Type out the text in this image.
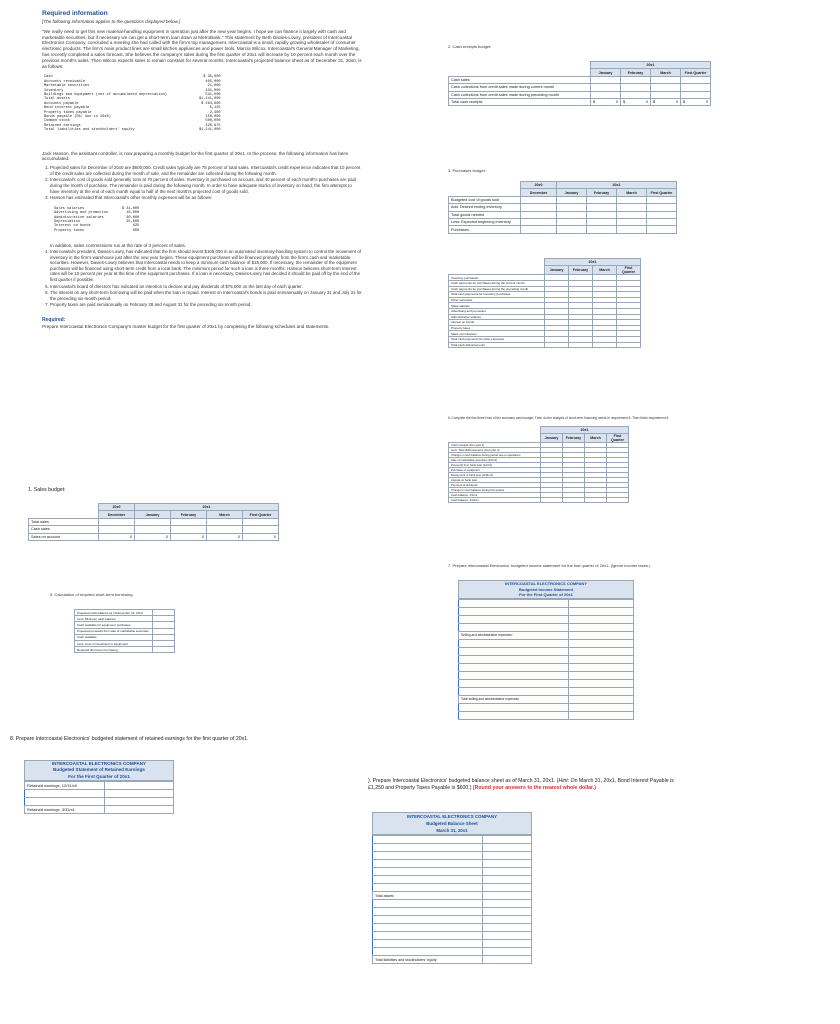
Required information
[The following information applies to the questions displayed below.]
"We really need to get this new material-handling equipment in operation just after the new year begins. I hope we can finance it largely with cash and marketable securities, but if necessary we can get a short-term loan down at MetroBank." This statement by Beth Davies-Lowry, president of Intercoastal Electronics Company, concluded a meeting she had called with the firm's top management. Intercoastal is a small, rapidly growing wholesaler of consumer electronic products. The firm's main product lines are small kitchen appliances and power tools. Marcia Wilcox, Intercoastal's General Manager of Marketing, has recently completed a sales forecast. She believes the company's sales during the first quarter of 20x1 will increase by 10 percent each month over the previous month's sales. Then Wilcox expects sales to remain constant for several months. Intercoastal's projected balance sheet as of December 31, 20x0, is as follows:
Cash	$ 35,000
Accounts receivable	405,000
Marketable securities	21,000
Inventory	231,000
Buildings and equipment (net of accumulated depreciation)	541,000
Total assets	$1,241,000
Accounts payable	$ 264,600
Bond interest payable	5,125
Property taxes payable	2,400
Bonds payable (5%; due in 20x6)	150,000
Common stock	500,000
Retained earnings	320,875
Total liabilities and stockholders' equity	$1,241,000
Jack Hanson, the assistant controller, is now preparing a monthly budget for the first quarter of 20x1. In the process, the following information has been accumulated:
1. Projected sales for December of 20x0 are $600,000. Credit sales typically are 75 percent of total sales. Intercoastal's credit experience indicates that 10 percent of the credit sales are collected during the month of sale, and the remainder are collected during the following month.
2. Intercoastal's cost of goods sold generally runs at 70 percent of sales. Inventory is purchased on account, and 40 percent of each month's purchases are paid during the month of purchase. The remainder is paid during the following month. In order to have adequate stocks of inventory on hand, the firm attempts to have inventory at the end of each month equal to half of the next month's projected cost of goods sold.
3. Hanson has estimated that Intercoastal's other monthly expenses will be as follows:
Sales salaries	$ 31,000
Advertising and promotion	16,000
Administrative salaries	30,000
Depreciation	25,000
Interest on bonds	625
Property taxes	600
In addition, sales commissions run at the rate of 3 percent of sales.
4. Intercoastal's president, Davies-Lowry, has indicated that the firm should invest $105,000 in an automated inventory-handling system to control the movement of inventory in the firm's warehouse just after the new year begins. These equipment purchases will be financed primarily from the firm's cash and marketable securities. However, Davies-Lowry believes that Intercoastal needs to keep a minimum cash balance of $15,000. If necessary, the remainder of the equipment purchases will be financed using short-term credit from a local bank. The minimum period for such a loan is three months. Hanson believes short-term interest rates will be 10 percent per year at the time of the equipment purchases. If a loan is necessary, Davies-Lowry has decided it should be paid off by the end of the first quarter if possible.
5. Intercoastal's board of directors has indicated an intention to declare and pay dividends of $75,000 on the last day of each quarter.
6. The interest on any short-term borrowing will be paid when the loan is repaid. Interest on Intercoastal's bonds is paid semiannually on January 31 and July 31 for the preceding six-month period.
7. Property taxes are paid semiannually on February 28 and August 31 for the preceding six-month period.
Required:
Prepare Intercoastal Electronics Company's master budget for the first quarter of 20x1 by completing the following schedules and statements.
1. Sales budget:
	20x0	20x1			
	December	January	February	March	First Quarter
Total sales					
Cash sales					
Sales on account	0	0	0	0	0
5. Calculation of required short-term borrowing.
Projected cash balance as of December 31, 20x0	
Less: Minimum cash balance	
Cash available for equipment purchases	
Projected proceeds from sale of marketable securities	
Cash available	
Less: Cost of investment in equipment	
Required short-term borrowing	
8. Prepare Intercoastal Electronics' budgeted statement of retained earnings for the first quarter of 20x1.
INTERCOASTAL ELECTRONICS COMPANY
Budgeted Statement of Retained Earnings
For the First Quarter of 20x1
Retained earnings, 12/31/x0	

Retained earnings, 3/31/x1	
2. Cash receipts budget:
	20x1			
	January	February	March	First Quarter
Cash sales				
Cash collections from credit sales made during current month				
Cash collections from credit sales made during preceding month				
Total cash receipts	$ 0	$ 0	$ 0	$ 0
3. Purchases budget:
	20x0	20x1			
	December	January	February	March	First Quarter
Budgeted cost of goods sold					
Add: Desired ending inventory					
Total goods needed					
Less: Expected beginning inventory					
Purchases					
	20x1			
	January	February	March	First Quarter
Inventory purchases:				
Cash payments for purchases during the current month				
Cash payments for purchases during the preceding month				
Total cash payments for inventory purchases				
Other expenses:				
Sales salaries				
Advertising and promotion				
Administrative salaries				
Interest on bonds				
Property taxes				
Sales commissions				
Total cash payments for other expenses				
Total cash disbursements				
6. Complete the first three lines of the summary cash budget. Then do the analysis of short-term financing needs in requirement 5. Then finish requirement 6.
	20x1			
	January	February	March	First Quarter
Cash receipts (from part 2)				
Less: Total disbursements (from part 4)				
Change in cash balance during period due to operations				
Sale of marketable securities (1/2/x1)				
Proceeds from bank loan (1/2/x1)				
Purchase of equipment				
Repayment of bank loan (3/31/x1)				
Interest on bank loan				
Payment of dividends				
Change in cash balance during first quarter				
Cash balance, 1/1/x1				
Cash balance, 3/31/x1				
7. Prepare Intercoastal Electronics' budgeted income statement for the first quarter of 20x1. (Ignore income taxes.)
INTERCOASTAL ELECTRONICS COMPANY
Budgeted Income Statement
For the First Quarter of 20x1

Selling and administrative expenses:	

Total selling and administrative expenses	

). Prepare Intercoastal Electronics' budgeted balance sheet as of March 31, 20x1. (Hint: On March 31, 20x1, Bond Interest Payable is
£1,250 and Property Taxes Payable is $600.) (Round your answers to the nearest whole dollar.)
INTERCOASTAL ELECTRONICS COMPANY
Budgeted Balance Sheet
March 31, 20x1

Total assets	

Total liabilities and stockholders' equity	
